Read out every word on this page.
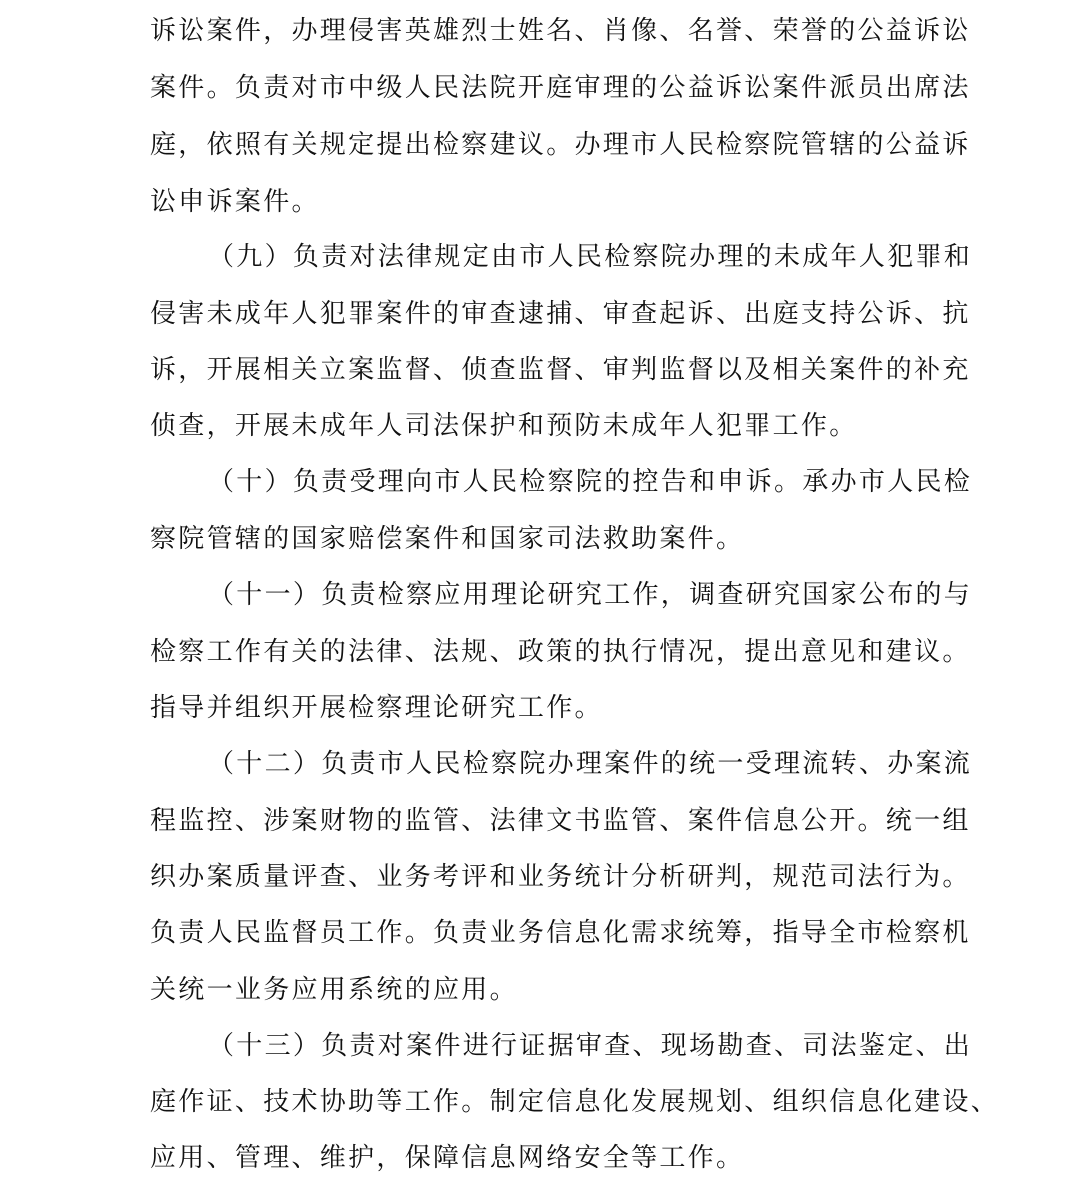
诉讼案件，办理侵害英雄烈士姓名、肖像、名誉、荣誉的公益诉讼
案件。负责对市中级人民法院开庭审理的公益诉讼案件派员出席法
庭，依照有关规定提出检察建议。办理市人民检察院管辖的公益诉
讼申诉案件。
（九）负责对法律规定由市人民检察院办理的未成年人犯罪和
侵害未成年人犯罪案件的审查逮捕、审查起诉、出庭支持公诉、抗
诉，开展相关立案监督、侦查监督、审判监督以及相关案件的补充
侦查，开展未成年人司法保护和预防未成年人犯罪工作。
（十）负责受理向市人民检察院的控告和申诉。承办市人民检
察院管辖的国家赔偿案件和国家司法救助案件。
（十一）负责检察应用理论研究工作，调查研究国家公布的与
检察工作有关的法律、法规、政策的执行情况，提出意见和建议。
指导并组织开展检察理论研究工作。
（十二）负责市人民检察院办理案件的统一受理流转、办案流
程监控、涉案财物的监管、法律文书监管、案件信息公开。统一组
织办案质量评查、业务考评和业务统计分析研判，规范司法行为。
负责人民监督员工作。负责业务信息化需求统筹，指导全市检察机
关统一业务应用系统的应用。
（十三）负责对案件进行证据审查、现场勘查、司法鉴定、出
庭作证、技术协助等工作。制定信息化发展规划、组织信息化建设、
应用、管理、维护，保障信息网络安全等工作。
